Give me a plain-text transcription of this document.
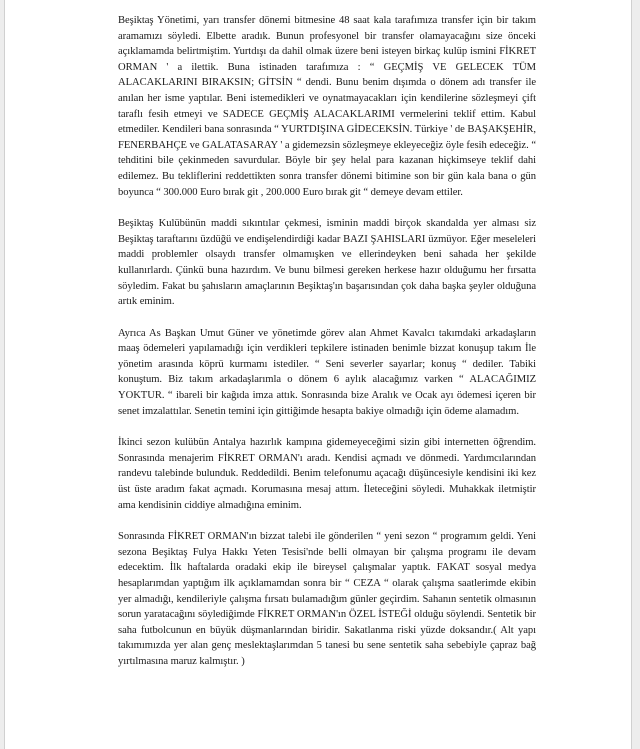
Beşiktaş Yönetimi, yarı transfer dönemi bitmesine 48 saat kala tarafımıza transfer için bir takım aramamızı söyledi. Elbette aradık. Bunun profesyonel bir transfer olamayacağını size önceki açıklamamda belirtmiştim. Yurtdışı da dahil olmak üzere beni isteyen birkaç kulüp ismini FİKRET ORMAN ' a ilettik. Buna istinaden tarafımıza : “ GEÇMİŞ VE GELECEK TÜM ALACAKLARINI BIRAKSIN; GİTSİN “ dendi. Bunu benim dışımda o dönem adı transfer ile anılan her isme yaptılar. Beni istemedikleri ve oynatmayacakları için kendilerine sözleşmeyi çift taraflı fesih etmeyi ve SADECE GEÇMİŞ ALACAKLARIMI vermelerini teklif ettim. Kabul etmediler. Kendileri bana sonrasında “ YURTDIŞINA GİDECEKSİN. Türkiye ' de BAŞAKŞEHİR, FENERBAHÇE ve GALATASARAY ' a gidemezsin sözleşmeye ekleyeceğiz öyle fesih edeceğiz. “ tehditini bile çekinmeden savurdular. Böyle bir şey helal para kazanan hiçkimseye teklif dahi edilemez. Bu tekliflerini reddettikten sonra transfer dönemi bitimine son bir gün kala bana o gün boyunca “ 300.000 Euro bırak git , 200.000 Euro bırak git “ demeye devam ettiler.

Beşiktaş Kulübünün maddi sıkıntılar çekmesi, isminin maddi birçok skandalda yer alması siz Beşiktaş taraftarını üzdüğü ve endişelendirdiği kadar BAZI ŞAHISLARI üzmüyor. Eğer meseleleri maddi problemler olsaydı transfer olmamışken ve ellerindeyken beni sahada her şekilde kullanırlardı. Çünkü buna hazırdım. Ve bunu bilmesi gereken herkese hazır olduğumu her fırsatta söyledim. Fakat bu şahısların amaçlarının Beşiktaş'ın başarısından çok daha başka şeyler olduğuna artık eminim.

Ayrıca As Başkan Umut Güner ve yönetimde görev alan Ahmet Kavalcı takımdaki arkadaşların maaş ödemeleri yapılamadığı için verdikleri tepkilere istinaden benimle bizzat konuşup takım İle yönetim arasında köprü kurmamı istediler. “ Seni severler sayarlar; konuş “ dediler. Tabiki konuştum. Biz takım arkadaşlarımla o dönem 6 aylık alacağımız varken “ ALACAĞIMIZ YOKTUR. “ ibareli bir kağıda imza attık. Sonrasında bize Aralık ve Ocak ayı ödemesi içeren bir senet imzalattılar. Senetin temini için gittiğimde hesapta bakiye olmadığı için ödeme alamadım.

İkinci sezon kulübün Antalya hazırlık kampına gidemeyeceğimi sizin gibi internetten öğrendim. Sonrasında menajerim FİKRET ORMAN'ı aradı. Kendisi açmadı ve dönmedi. Yardımcılarından randevu talebinde bulunduk. Reddedildi. Benim telefonumu açacağı düşüncesiyle kendisini iki kez üst üste aradım fakat açmadı. Korumasına mesaj attım. İleteceğini söyledi. Muhakkak iletmiştir ama kendisinin ciddiye almadığına eminim.

Sonrasında FİKRET ORMAN'ın bizzat talebi ile gönderilen “ yeni sezon “ programım geldi. Yeni sezona Beşiktaş Fulya Hakkı Yeten Tesisi'nde belli olmayan bir çalışma programı ile devam edecektim. İlk haftalarda oradaki ekip ile bireysel çalışmalar yaptık. FAKAT sosyal medya hesaplarımdan yaptığım ilk açıklamamdan sonra bir “ CEZA “ olarak çalışma saatlerimde ekibin yer almadığı, kendileriyle çalışma fırsatı bulamadığım günler geçirdim. Sahanın sentetik olmasının sorun yaratacağını söylediğimde FİKRET ORMAN'ın ÖZEL İSTEĞİ olduğu söylendi. Sentetik bir saha futbolcunun en büyük düşmanlarından biridir. Sakatlanma riski yüzde doksandır.( Alt yapı takımımızda yer alan genç meslektaşlarımdan 5 tanesi bu sene sentetik saha sebebiyle çapraz bağ yırtılmasına maruz kalmıştır. )
